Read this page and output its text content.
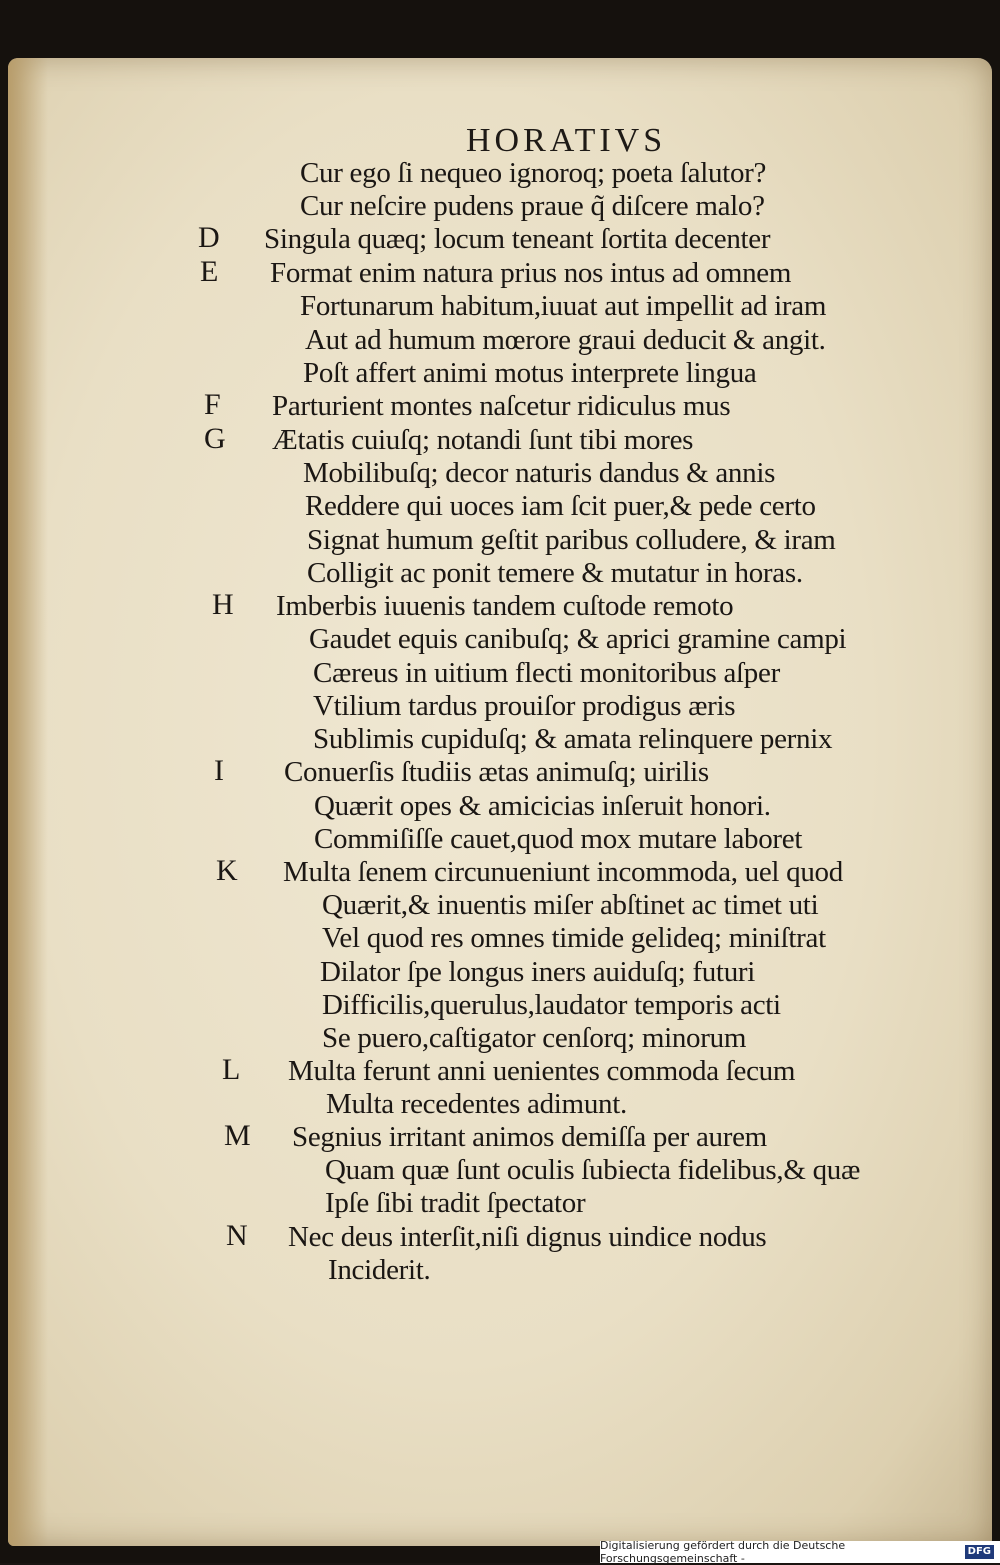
HORATIVS
Cur ego ſi nequeo ignoroq; poeta ſalutor?
Cur neſcire pudens praue q̃ diſcere malo?
D Singula quæq; locum teneant ſortita decenter
E Format enim natura prius nos intus ad omnem
Fortunarum habitum,iuuat aut impellit ad iram
Aut ad humum mœrore graui deducit & angit.
Poſt affert animi motus interprete lingua
F Parturient montes naſcetur ridiculus mus
G Ætatis cuiuſq; notandi ſunt tibi mores
Mobilibuſq; decor naturis dandus & annis
Reddere qui uoces iam ſcit puer,& pede certo
Signat humum geſtit paribus colludere, & iram
Colligit ac ponit temere & mutatur in horas.
H Imberbis iuuenis tandem cuſtode remoto
Gaudet equis canibuſq; & aprici gramine campi
Cæreus in uitium flecti monitoribus aſper
Vtilium tardus prouiſor prodigus æris
Sublimis cupiduſq; & amata relinquere pernix
I Conuerſis ſtudiis ætas animuſq; uirilis
Quærit opes & amicicias inſeruit honori.
Commiſiſſe cauet,quod mox mutare laboret
K Multa ſenem circunueniunt incommoda, uel quod
Quærit,& inuentis miſer abſtinet ac timet uti
Vel quod res omnes timide gelideq; miniſtrat
Dilator ſpe longus iners auiduſq; futuri
Difficilis,querulus,laudator temporis acti
Se puero,caſtigator cenſorq; minorum
L Multa ferunt anni uenientes commoda ſecum
Multa recedentes adimunt.
M Segnius irritant animos demiſſa per aurem
Quam quæ ſunt oculis ſubiecta fidelibus,& quæ
Ipſe ſibi tradit ſpectator
N Nec deus interſit,niſi dignus uindice nodus
Inciderit.
Digitalisierung gefördert durch die Deutsche Forschungsgemeinschaft -
DFG
